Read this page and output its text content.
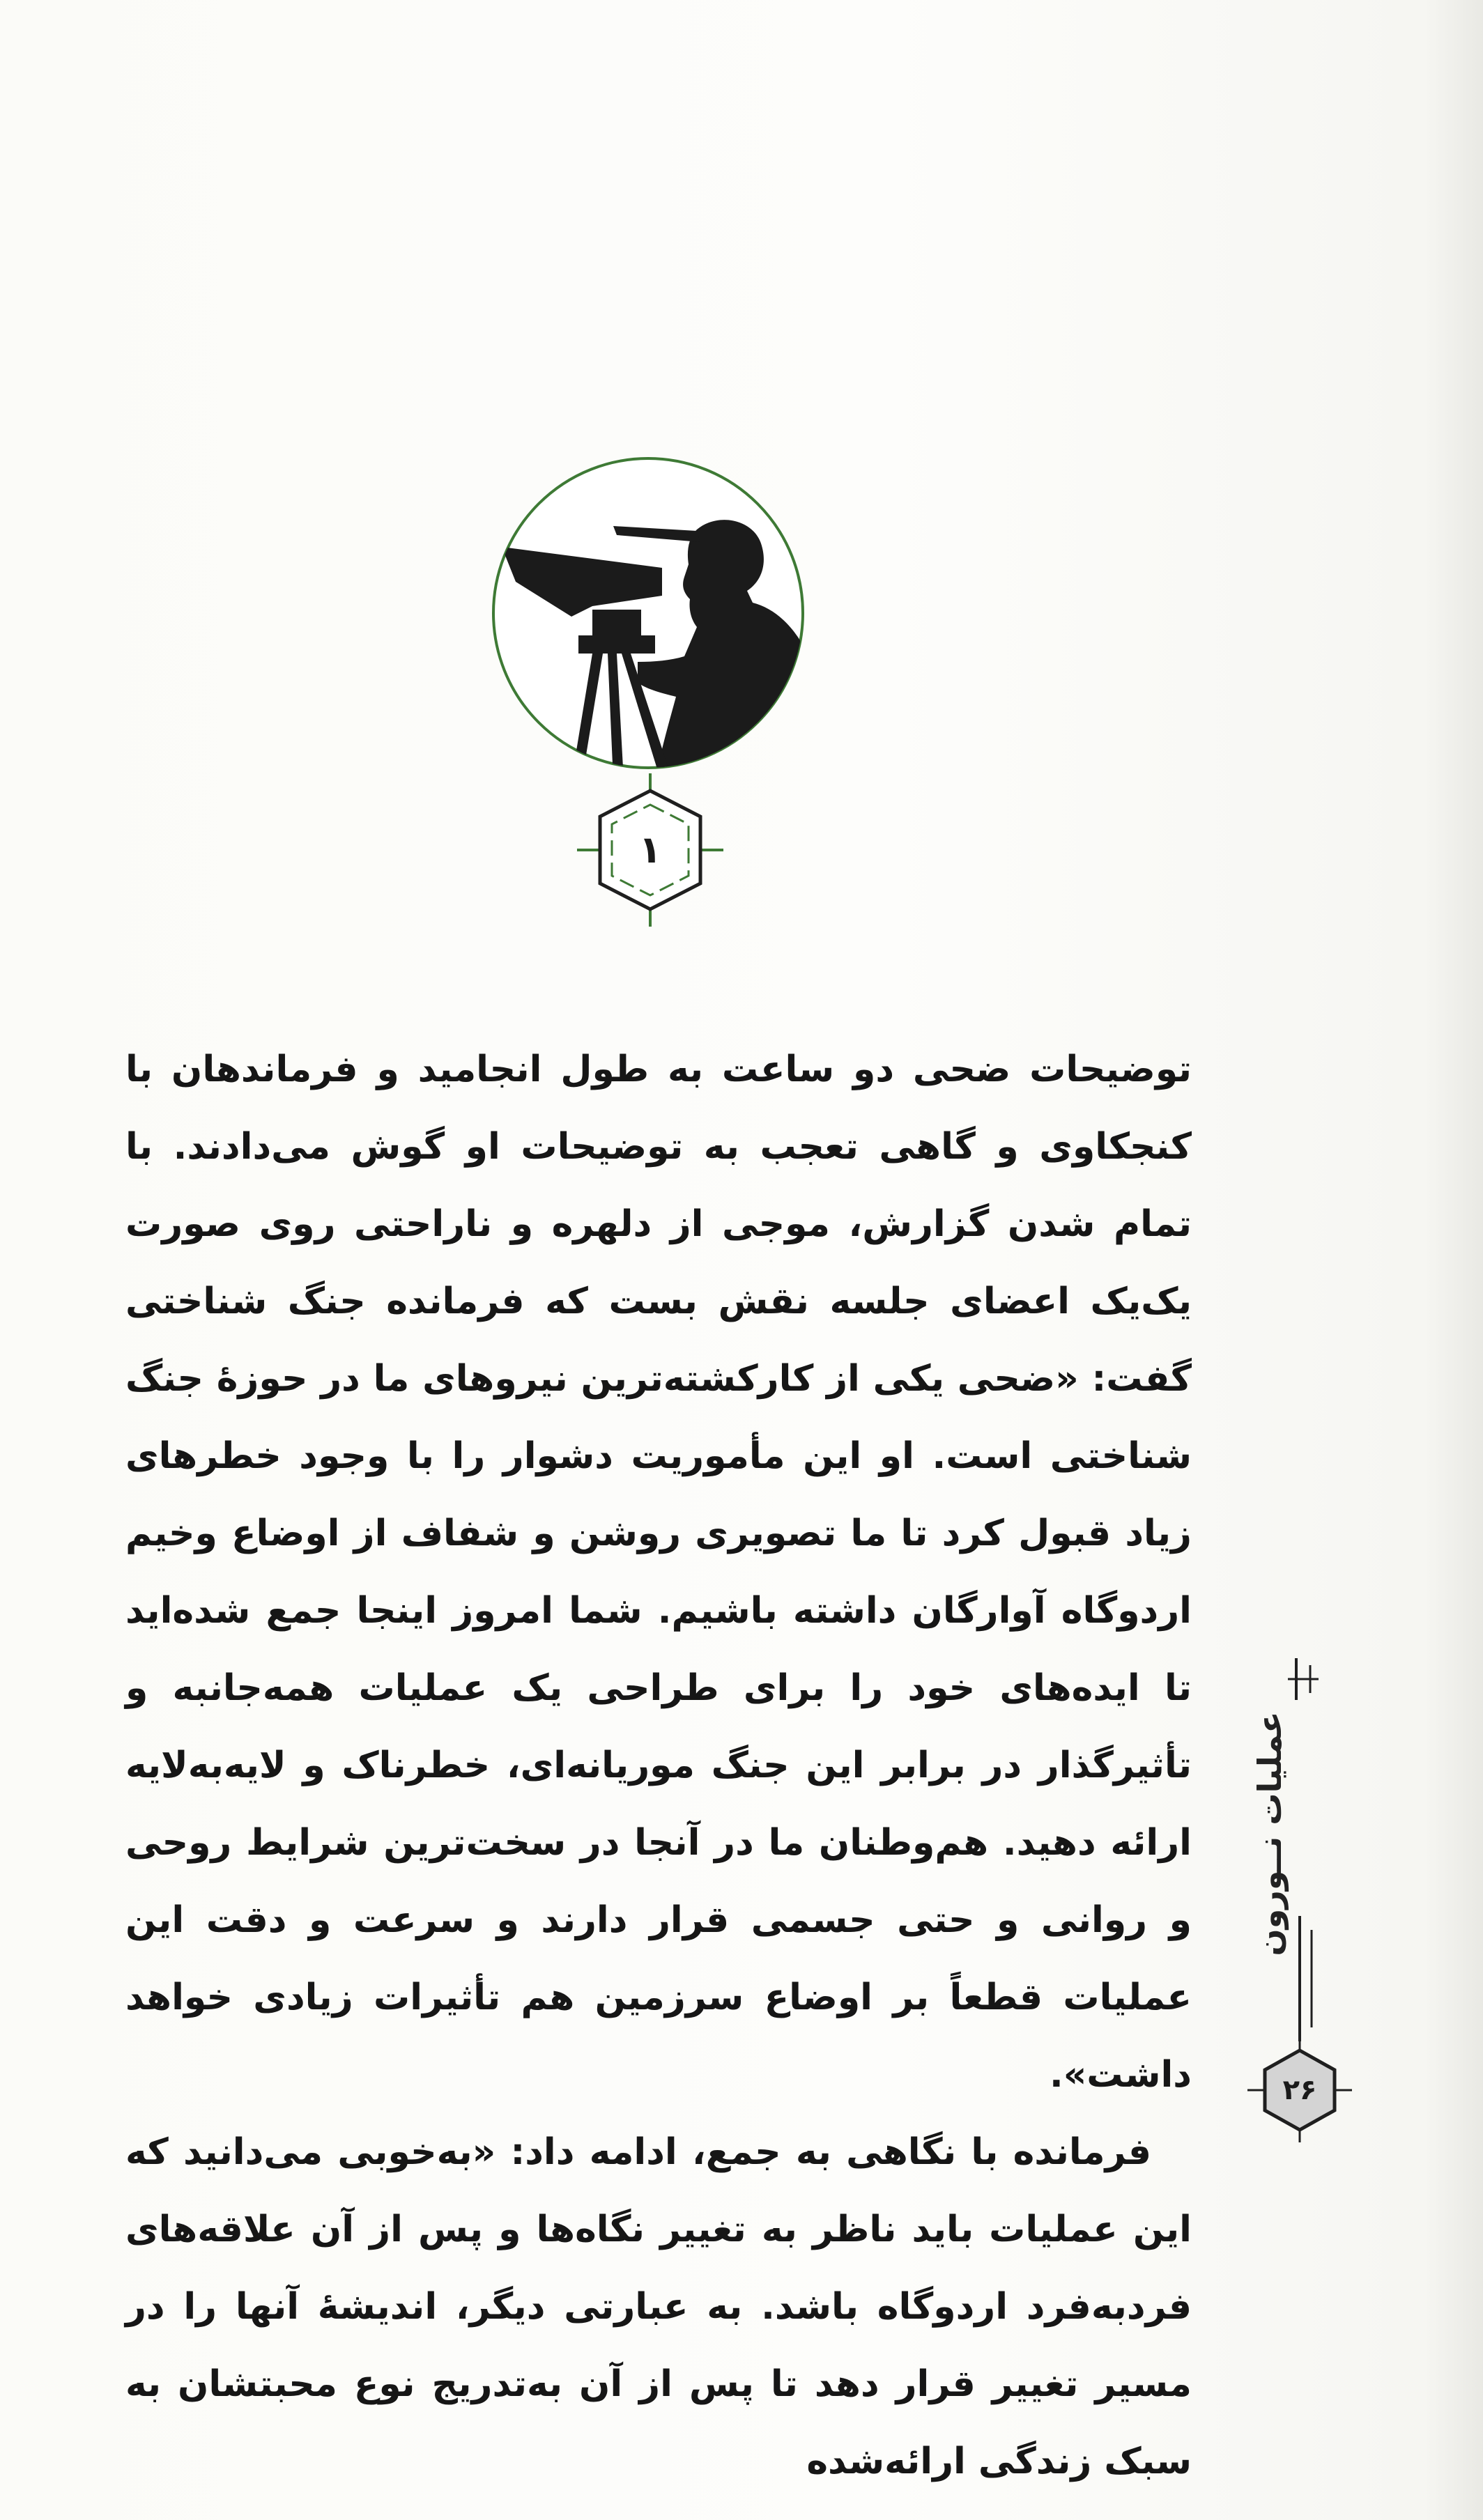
۱

توضیحات ضحی دو ساعت به طول انجامید و فرماندهان با کنجکاوی و گاهی تعجب به توضیحات او گوش می‌دادند. با تمام شدن گزارش، موجی از دلهره و ناراحتی روی صورت یک‌یک اعضای جلسه نقش بست که فرمانده جنگ شناختی گفت: «ضحی یکی از کارکشته‌ترین نیروهای ما در حوزهٔ جنگ شناختی است. او این مأموریت دشوار را با وجود خطرهای زیاد قبول کرد تا ما تصویری روشن و شفاف از اوضاع وخیم اردوگاه آوارگان داشته باشیم. شما امروز اینجا جمع شده‌اید تا ایده‌های خود را برای طراحی یک عملیات همه‌جانبه و تأثیرگذار در برابر این جنگ موریانه‌ای، خطرناک و لایه‌به‌لایه ارائه دهید. هم‌وطنان ما در آنجا در سخت‌ترین شرایط روحی و روانی و حتی جسمی قرار دارند و سرعت و دقت این عملیات قطعاً بر اوضاع سرزمین هم تأثیرات زیادی خواهد داشت».

فرمانده با نگاهی به جمع، ادامه داد: «به‌خوبی می‌دانید که این عملیات باید ناظر به تغییر نگاه‌ها و پس از آن علاقه‌های فرد‌به‌فرد اردوگاه باشد. به عبارتی دیگر، اندیشهٔ آنها را در مسیر تغییر قرار دهد تا پس از آن به‌تدریج نوع محبتشان به سبک زندگی ارائه‌شده

عملیات نــورون
۲۶
